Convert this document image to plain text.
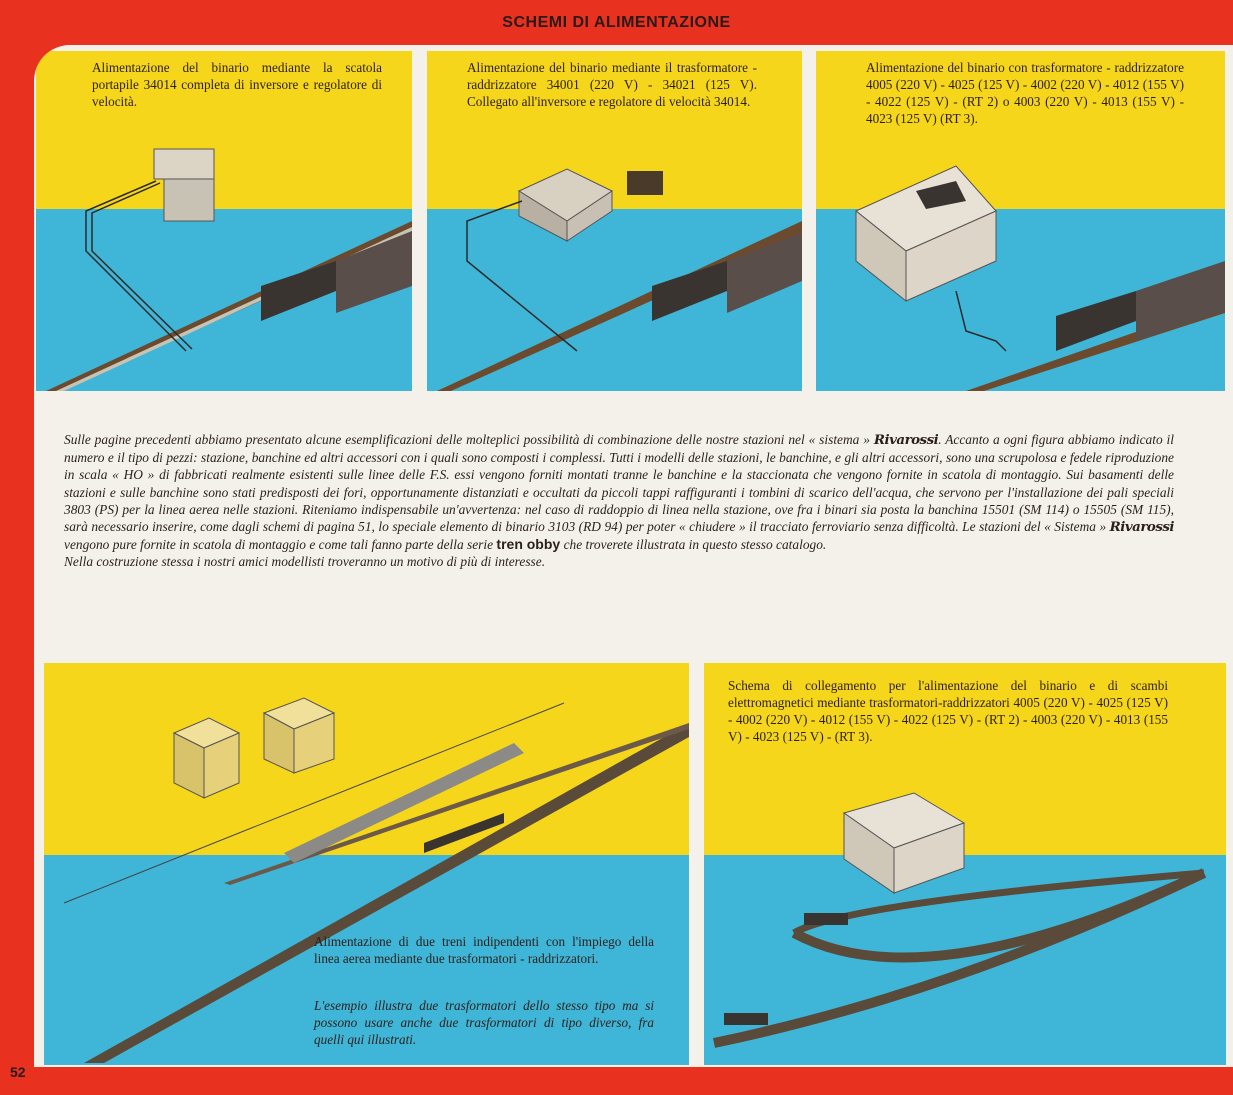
SCHEMI DI ALIMENTAZIONE
Alimentazione del binario mediante la scatola portapile 34014 completa di inversore e regolatore di velocità.
Alimentazione del binario mediante il trasformatore - raddrizzatore 34001 (220 V) - 34021 (125 V). Collegato all'inversore e regolatore di velocità 34014.
Alimentazione del binario con trasformatore - raddrizzatore 4005 (220 V) - 4025 (125 V) - 4002 (220 V) - 4012 (155 V) - 4022 (125 V) - (RT 2) o 4003 (220 V) - 4013 (155 V) - 4023 (125 V) (RT 3).

Sulle pagine precedenti abbiamo presentato alcune esemplificazioni delle molteplici possibilità di combinazione delle nostre stazioni nel « sistema » Rivarossi. Accanto a ogni figura abbiamo indicato il numero e il tipo di pezzi: stazione, banchine ed altri accessori con i quali sono composti i complessi. Tutti i modelli delle stazioni, le banchine, e gli altri accessori, sono una scrupolosa e fedele riproduzione in scala « HO » di fabbricati realmente esistenti sulle linee delle F.S. essi vengono forniti montati tranne le banchine e la staccionata che vengono fornite in scatola di montaggio. Sui basamenti delle stazioni e sulle banchine sono stati predisposti dei fori, opportunamente distanziati e occultati da piccoli tappi raffiguranti i tombini di scarico dell'acqua, che servono per l'installazione dei pali speciali 3803 (PS) per la linea aerea nelle stazioni. Riteniamo indispensabile un'avvertenza: nel caso di raddoppio di linea nella stazione, ove fra i binari sia posta la banchina 15501 (SM 114) o 15505 (SM 115), sarà necessario inserire, come dagli schemi di pagina 51, lo speciale elemento di binario 3103 (RD 94) per poter « chiudere » il tracciato ferroviario senza difficoltà. Le stazioni del « Sistema » Rivarossi vengono pure fornite in scatola di montaggio e come tali fanno parte della serie tren obby che troverete illustrata in questo stesso catalogo.

Nella costruzione stessa i nostri amici modellisti troveranno un motivo di più di interesse.

Alimentazione di due treni indipendenti con l'impiego della linea aerea mediante due trasformatori - raddrizzatori.
L'esempio illustra due trasformatori dello stesso tipo ma si possono usare anche due trasformatori di tipo diverso, fra quelli qui illustrati.
Schema di collegamento per l'alimentazione del binario e di scambi elettromagnetici mediante trasformatori-raddrizzatori 4005 (220 V) - 4025 (125 V) - 4002 (220 V) - 4012 (155 V) - 4022 (125 V) - (RT 2) - 4003 (220 V) - 4013 (155 V) - 4023 (125 V) - (RT 3).
52
